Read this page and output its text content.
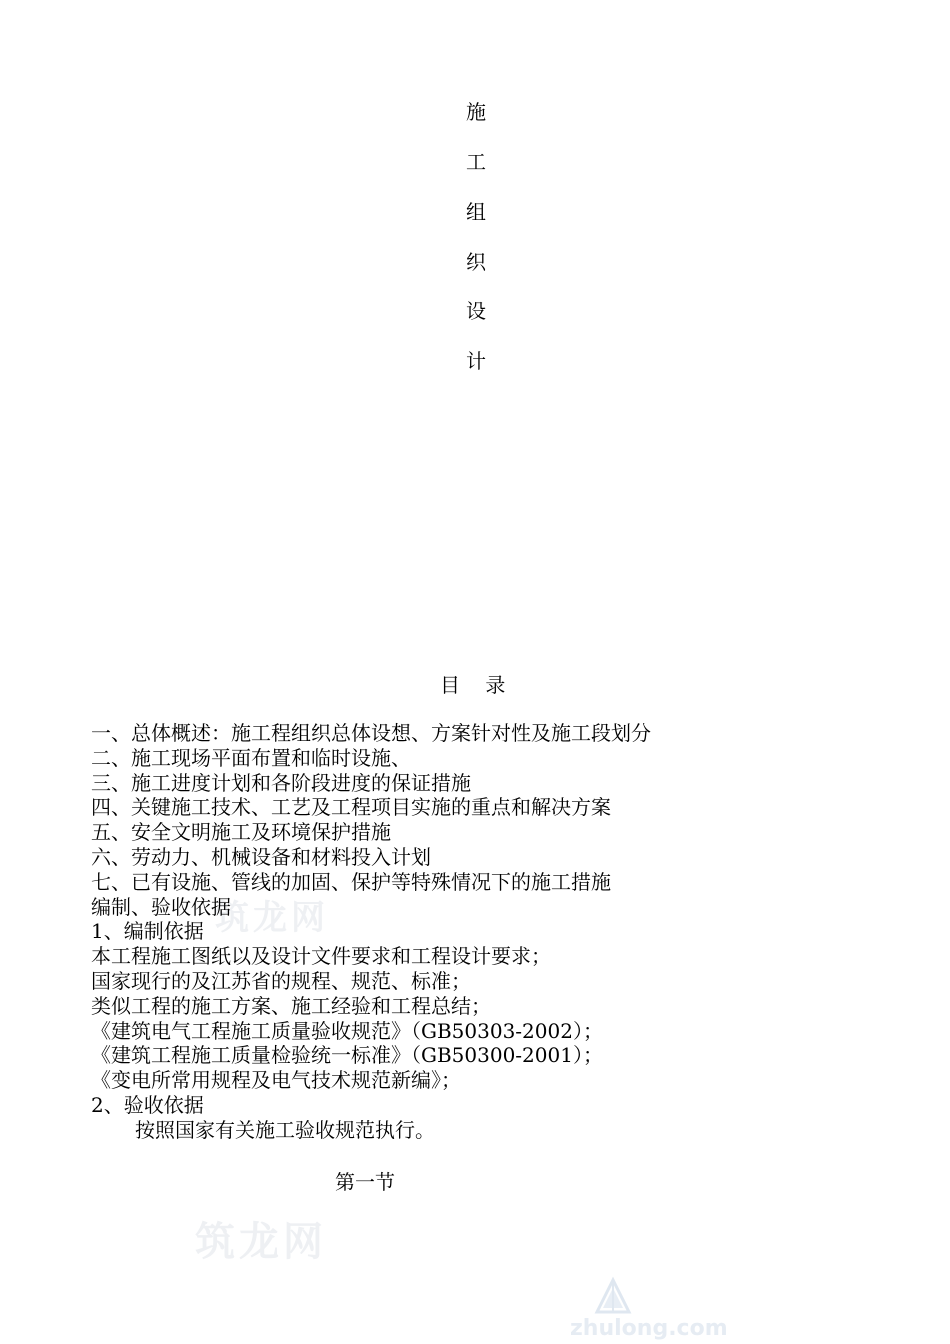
施
工
组
织
设
计
筑龙网
筑龙网
zhulong.com
目    录
一、总体概述：施工程组织总体设想、方案针对性及施工段划分
二、施工现场平面布置和临时设施、
三、施工进度计划和各阶段进度的保证措施
四、关键施工技术、工艺及工程项目实施的重点和解决方案
五、安全文明施工及环境保护措施
六、劳动力、机械设备和材料投入计划
七、已有设施、管线的加固、保护等特殊情况下的施工措施
编制、验收依据
1、编制依据
本工程施工图纸以及设计文件要求和工程设计要求；
国家现行的及江苏省的规程、规范、标准；
类似工程的施工方案、施工经验和工程总结；
《建筑电气工程施工质量验收规范》（GB50303-2002）；
《建筑工程施工质量检验统一标准》（GB50300-2001）；
《变电所常用规程及电气技术规范新编》；
2、验收依据
按照国家有关施工验收规范执行。
第一节
